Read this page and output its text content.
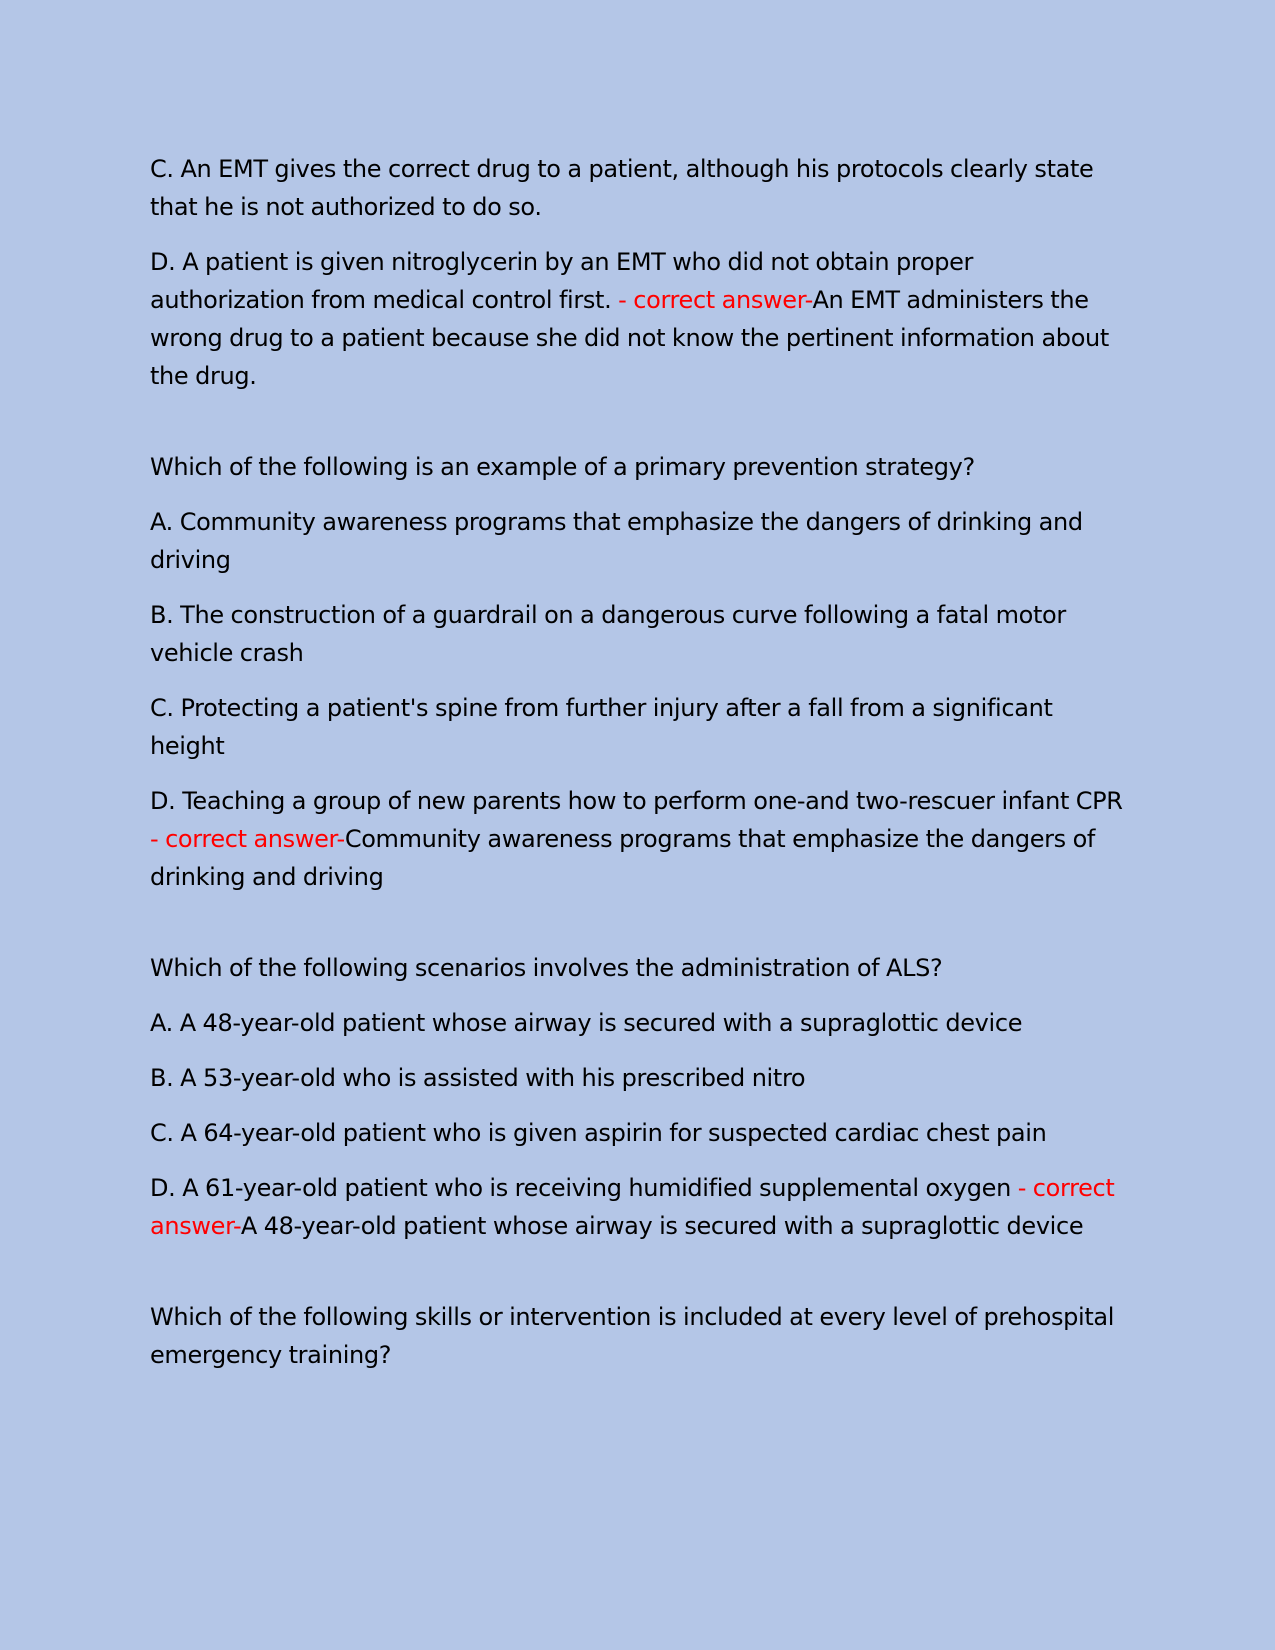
C. An EMT gives the correct drug to a patient, although his protocols clearly state that he is not authorized to do so.

D. A patient is given nitroglycerin by an EMT who did not obtain proper authorization from medical control first. - correct answer-An EMT administers the wrong drug to a patient because she did not know the pertinent information about the drug.

Which of the following is an example of a primary prevention strategy?

A. Community awareness programs that emphasize the dangers of drinking and driving

B. The construction of a guardrail on a dangerous curve following a fatal motor vehicle crash

C. Protecting a patient's spine from further injury after a fall from a significant height

D. Teaching a group of new parents how to perform one-and two-rescuer infant CPR - correct answer-Community awareness programs that emphasize the dangers of drinking and driving

Which of the following scenarios involves the administration of ALS?

A. A 48-year-old patient whose airway is secured with a supraglottic device

B. A 53-year-old who is assisted with his prescribed nitro

C. A 64-year-old patient who is given aspirin for suspected cardiac chest pain

D. A 61-year-old patient who is receiving humidified supplemental oxygen - correct answer-A 48-year-old patient whose airway is secured with a supraglottic device

Which of the following skills or intervention is included at every level of prehospital emergency training?
